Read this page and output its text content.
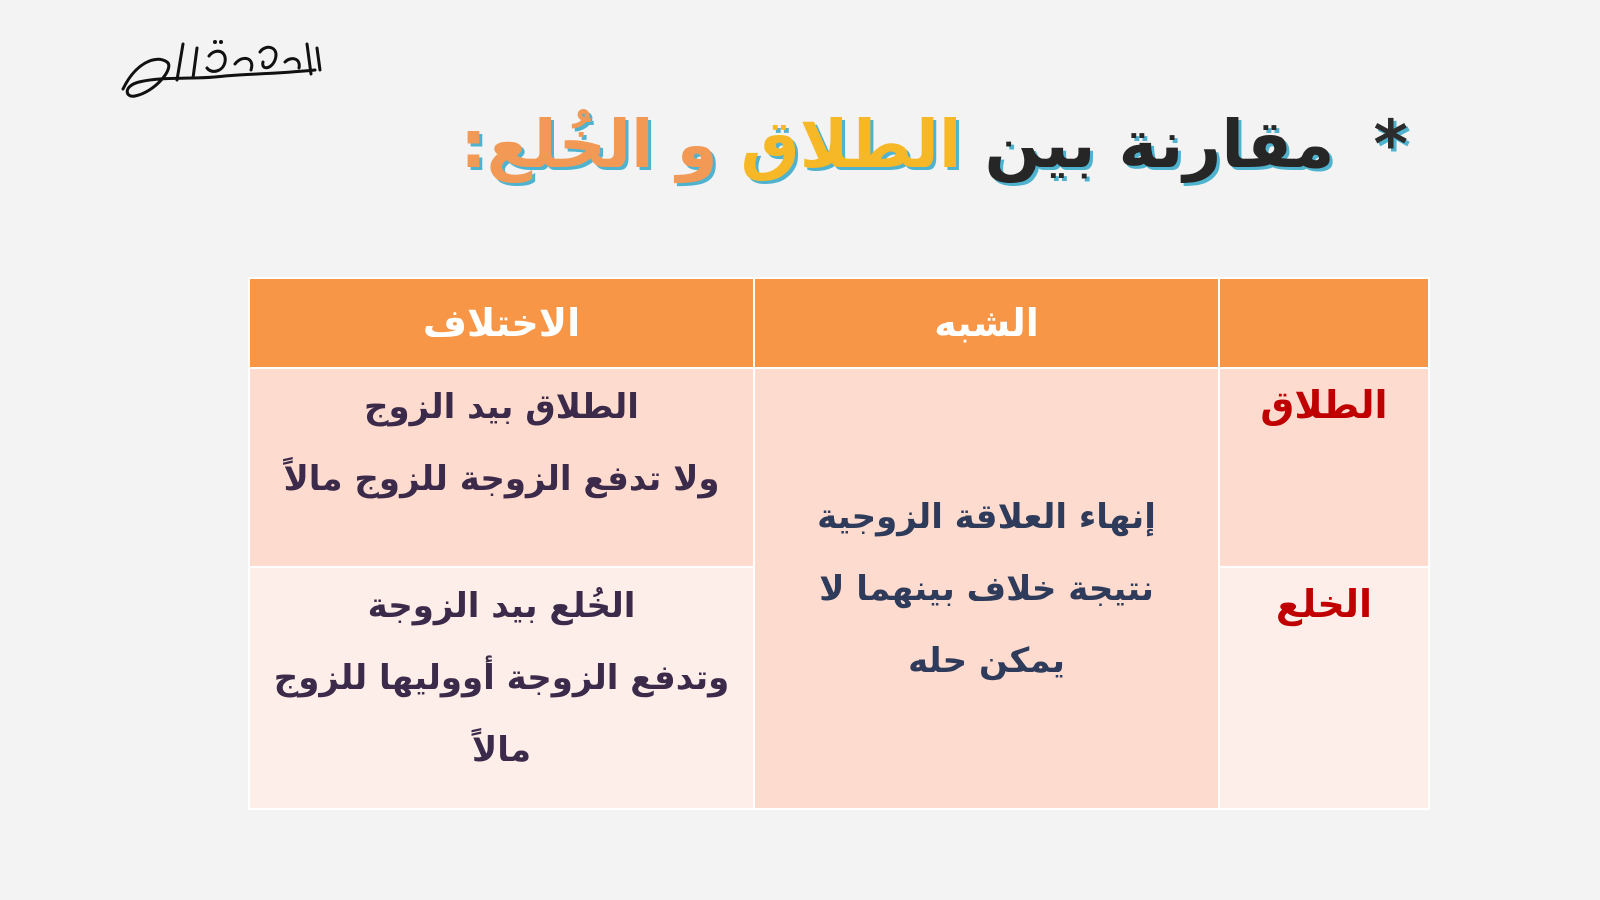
* مقارنة بين الطلاق و الخُلع:
	الشبه	الاختلاف
الطلاق	إنهاء العلاقة الزوجية
نتيجة خلاف بينهما لا
يمكن حله	الطلاق بيد الزوج
ولا تدفع الزوجة للزوج مالاً

الخلع		الخُلع بيد الزوجة
وتدفع الزوجة أووليها للزوج
مالاً
